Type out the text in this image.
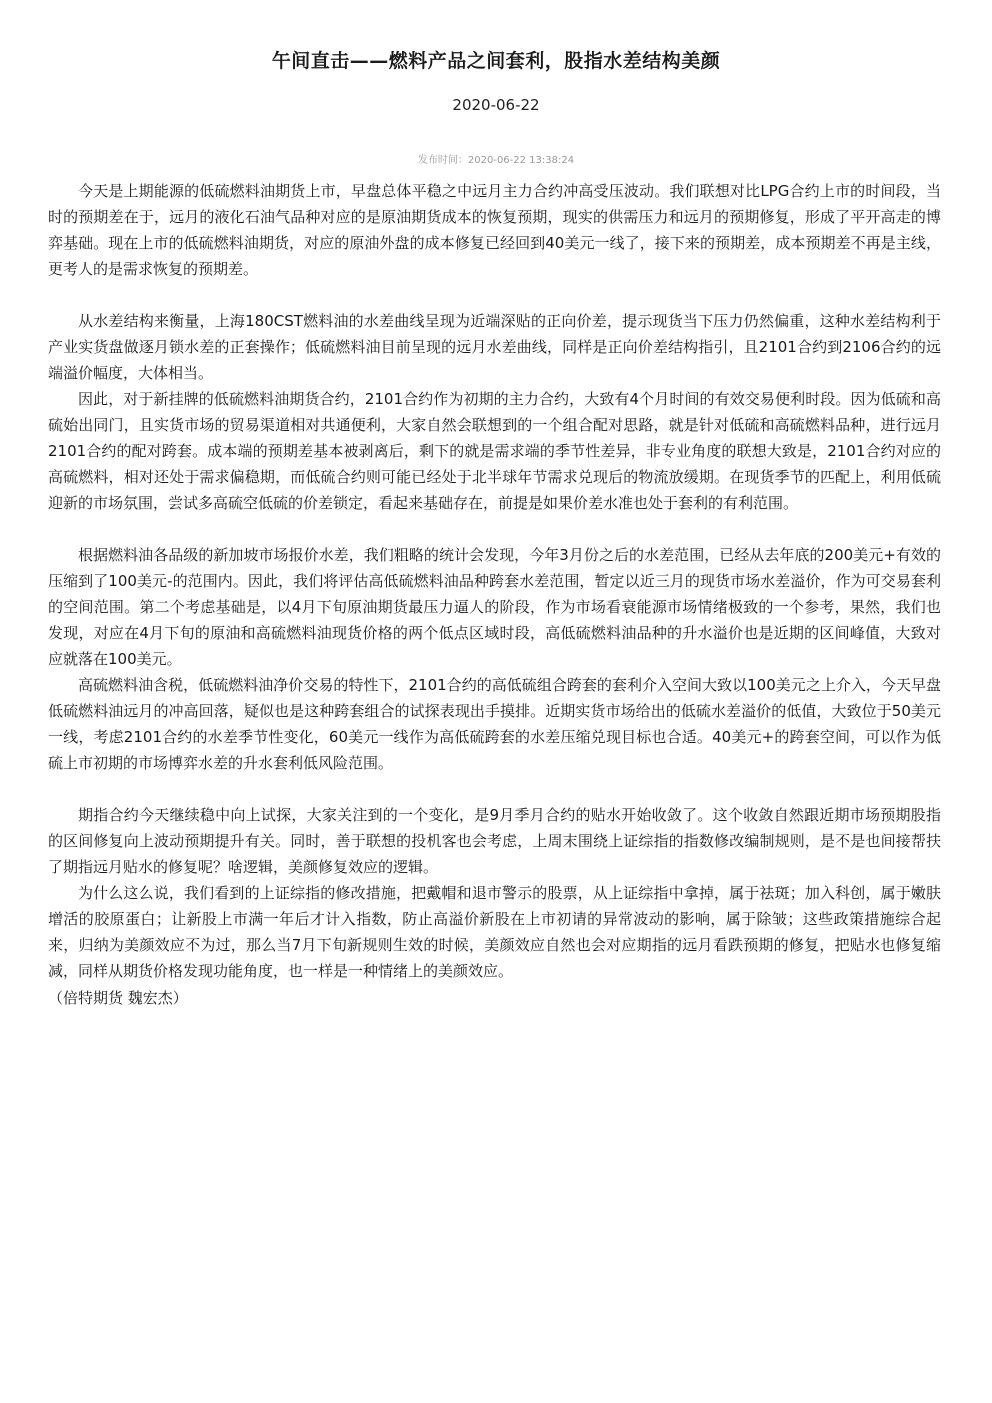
午间直击——燃料产品之间套利，股指水差结构美颜
2020-06-22
发布时间：2020-06-22 13:38:24

今天是上期能源的低硫燃料油期货上市，早盘总体平稳之中远月主力合约冲高受压波动。我们联想对比LPG合约上市的时间段，当时的预期差在于，远月的液化石油气品种对应的是原油期货成本的恢复预期，现实的供需压力和远月的预期修复，形成了平开高走的博弈基础。现在上市的低硫燃料油期货，对应的原油外盘的成本修复已经回到40美元一线了，接下来的预期差，成本预期差不再是主线，更考人的是需求恢复的预期差。

从水差结构来衡量，上海180CST燃料油的水差曲线呈现为近端深贴的正向价差，提示现货当下压力仍然偏重，这种水差结构利于产业实货盘做逐月锁水差的正套操作；低硫燃料油目前呈现的远月水差曲线，同样是正向价差结构指引，且2101合约到2106合约的远端溢价幅度，大体相当。

因此，对于新挂牌的低硫燃料油期货合约，2101合约作为初期的主力合约，大致有4个月时间的有效交易便利时段。因为低硫和高硫始出同门，且实货市场的贸易渠道相对共通便利，大家自然会联想到的一个组合配对思路，就是针对低硫和高硫燃料品种，进行远月2101合约的配对跨套。成本端的预期差基本被剥离后，剩下的就是需求端的季节性差异，非专业角度的联想大致是，2101合约对应的高硫燃料，相对还处于需求偏稳期，而低硫合约则可能已经处于北半球年节需求兑现后的物流放缓期。在现货季节的匹配上，利用低硫迎新的市场氛围，尝试多高硫空低硫的价差锁定，看起来基础存在，前提是如果价差水准也处于套利的有利范围。

根据燃料油各品级的新加坡市场报价水差，我们粗略的统计会发现，今年3月份之后的水差范围，已经从去年底的200美元+有效的压缩到了100美元-的范围内。因此，我们将评估高低硫燃料油品种跨套水差范围，暂定以近三月的现货市场水差溢价，作为可交易套利的空间范围。第二个考虑基础是，以4月下旬原油期货最压力逼人的阶段，作为市场看衰能源市场情绪极致的一个参考，果然，我们也发现，对应在4月下旬的原油和高硫燃料油现货价格的两个低点区域时段，高低硫燃料油品种的升水溢价也是近期的区间峰值，大致对应就落在100美元。

高硫燃料油含税，低硫燃料油净价交易的特性下，2101合约的高低硫组合跨套的套利介入空间大致以100美元之上介入，今天早盘低硫燃料油远月的冲高回落，疑似也是这种跨套组合的试探表现出手摸排。近期实货市场给出的低硫水差溢价的低值，大致位于50美元一线，考虑2101合约的水差季节性变化，60美元一线作为高低硫跨套的水差压缩兑现目标也合适。40美元+的跨套空间，可以作为低硫上市初期的市场博弈水差的升水套利低风险范围。

期指合约今天继续稳中向上试探，大家关注到的一个变化，是9月季月合约的贴水开始收敛了。这个收敛自然跟近期市场预期股指的区间修复向上波动预期提升有关。同时，善于联想的投机客也会考虑，上周末围绕上证综指的指数修改编制规则，是不是也间接帮扶了期指远月贴水的修复呢？啥逻辑，美颜修复效应的逻辑。

为什么这么说，我们看到的上证综指的修改措施，把戴帽和退市警示的股票，从上证综指中拿掉，属于祛斑；加入科创，属于嫩肤增活的胶原蛋白；让新股上市满一年后才计入指数，防止高溢价新股在上市初请的异常波动的影响，属于除皱；这些政策措施综合起来，归纳为美颜效应不为过，那么当7月下旬新规则生效的时候，美颜效应自然也会对应期指的远月看跌预期的修复，把贴水也修复缩减，同样从期货价格发现功能角度，也一样是一种情绪上的美颜效应。

（倍特期货 魏宏杰）
